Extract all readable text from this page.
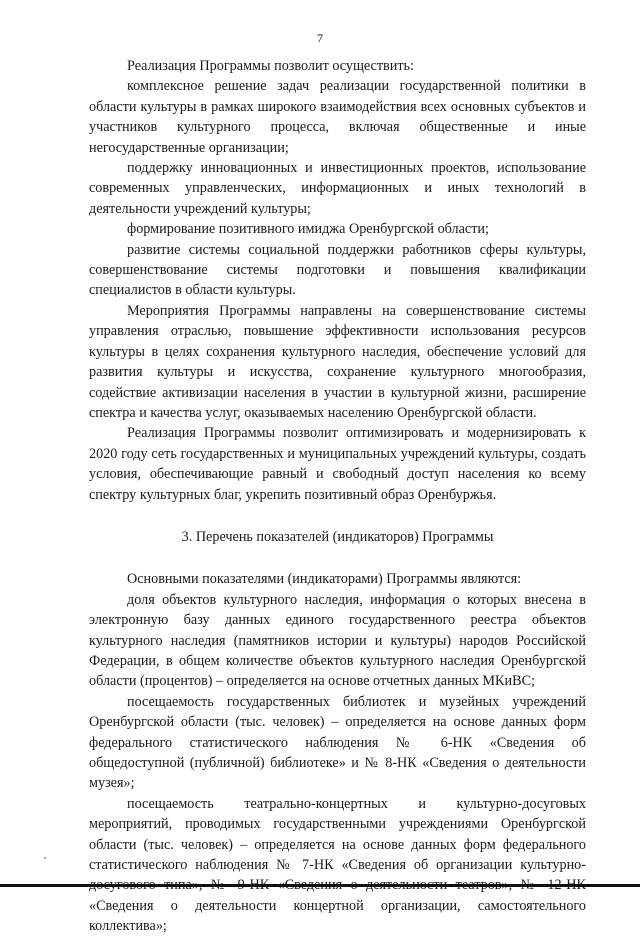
7

Реализация Программы позволит осуществить:

комплексное решение задач реализации государственной политики в области культуры в рамках широкого взаимодействия всех основных субъектов и участников культурного процесса, включая общественные и иные негосударственные организации;

поддержку инновационных и инвестиционных проектов, использование современных управленческих, информационных и иных технологий в деятельности учреждений культуры;

формирование позитивного имиджа Оренбургской области;

развитие системы социальной поддержки работников сферы культуры, совершенствование системы подготовки и повышения квалификации специалистов в области культуры.

Мероприятия Программы направлены на совершенствование системы управления отраслью, повышение эффективности использования ресурсов культуры в целях сохранения культурного наследия, обеспечение условий для развития культуры и искусства, сохранение культурного многообразия, содействие активизации населения в участии в культурной жизни, расширение спектра и качества услуг, оказываемых населению Оренбургской области.

Реализация Программы позволит оптимизировать и модернизировать к 2020 году сеть государственных и муниципальных учреждений культуры, создать условия, обеспечивающие равный и свободный доступ населения ко всему спектру культурных благ, укрепить позитивный образ Оренбуржья.

3. Перечень показателей (индикаторов) Программы

Основными показателями (индикаторами) Программы являются:

доля объектов культурного наследия, информация о которых внесена в электронную базу данных единого государственного реестра объектов культурного наследия (памятников истории и культуры) народов Российской Федерации, в общем количестве объектов культурного наследия Оренбургской области (процентов) – определяется на основе отчетных данных МКиВС;

посещаемость государственных библиотек и музейных учреждений Оренбургской области (тыс. человек) – определяется на основе данных форм федерального статистического наблюдения № 6-НК «Сведения об общедоступной (публичной) библиотеке» и № 8-НК «Сведения о деятельности музея»;

посещаемость театрально-концертных и культурно-досуговых мероприятий, проводимых государственными учреждениями Оренбургской области (тыс. человек) – определяется на основе данных форм федерального статистического наблюдения № 7-НК «Сведения об организации культурно- «Сведения о деятельности концертной организации, самостоятельного коллектива»;
